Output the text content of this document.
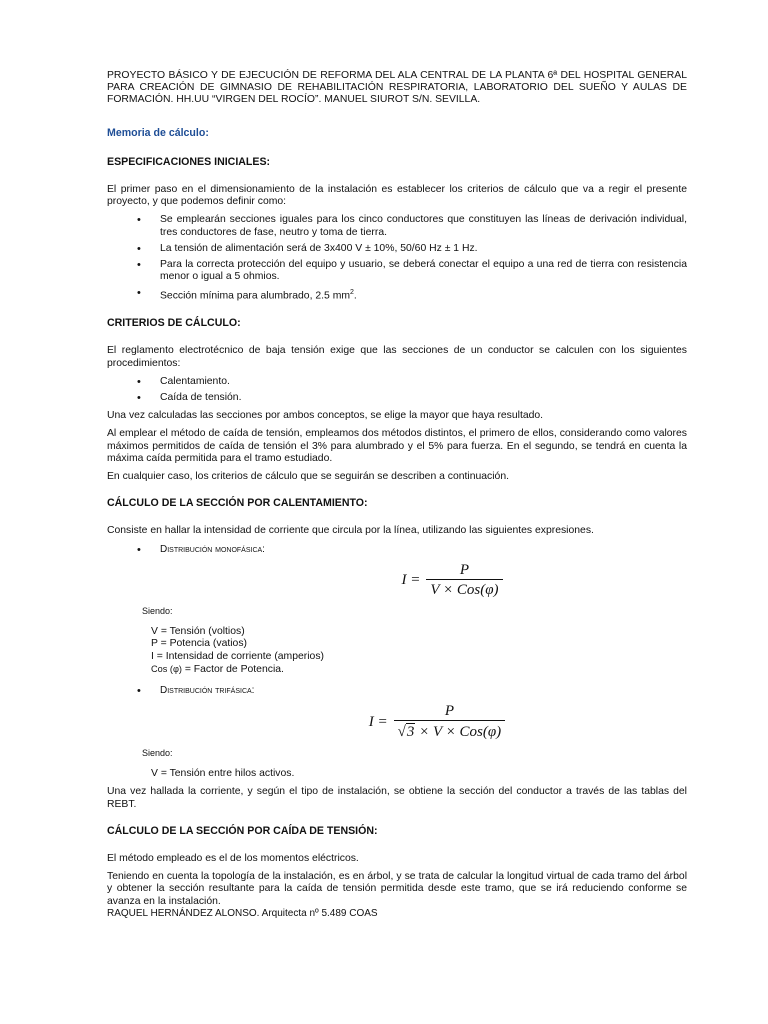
PROYECTO BÁSICO Y DE EJECUCIÓN DE REFORMA DEL ALA CENTRAL DE LA PLANTA 6ª DEL HOSPITAL GENERAL PARA CREACIÓN DE GIMNASIO DE REHABILITACIÓN RESPIRATORIA, LABORATORIO DEL SUEÑO Y AULAS DE FORMACIÓN. HH.UU “VIRGEN DEL ROCÍO”. MANUEL SIUROT S/N. SEVILLA.

Memoria de cálculo:
ESPECIFICACIONES INICIALES:

El primer paso en el dimensionamiento de la instalación es establecer los criterios de cálculo que va a regir el presente proyecto, y que podemos definir como:

• Se emplearán secciones iguales para los cinco conductores que constituyen las líneas de derivación individual, tres conductores de fase, neutro y toma de tierra.
• La tensión de alimentación será de 3x400 V ± 10%, 50/60 Hz ± 1 Hz.
• Para la correcta protección del equipo y usuario, se deberá conectar el equipo a una red de tierra con resistencia menor o igual a 5 ohmios.
• Sección mínima para alumbrado, 2.5 $mm^2$.
CRITERIOS DE CÁLCULO:

El reglamento electrotécnico de baja tensión exige que las secciones de un conductor se calculen con los siguientes procedimientos:

• Calentamiento.
• Caída de tensión.

Una vez calculadas las secciones por ambos conceptos, se elige la mayor que haya resultado.

Al emplear el método de caída de tensión, empleamos dos métodos distintos, el primero de ellos, considerando como valores máximos permitidos de caída de tensión el 3% para alumbrado y el 5% para fuerza. En el segundo, se tendrá en cuenta la máxima caída permitida para el tramo estudiado.

En cualquier caso, los criterios de cálculo que se seguirán se describen a continuación.

CÁLCULO DE LA SECCIÓN POR CALENTAMIENTO:

Consiste en hallar la intensidad de corriente que circula por la línea, utilizando las siguientes expresiones.

• Distribución monofásica:
$I = \frac{P}{\text{V × Cos(φ)}}$
Siendo:
V = Tensión (voltios)
P = Potencia (vatios)
I = Intensidad de corriente (amperios)
Cos (φ) = Factor de Potencia.
• Distribución trifásica:
$I = \frac{P}{\text{√ 3 × V × Cos(φ)}}$
Siendo:
V = Tensión entre hilos activos.

Una vez hallada la corriente, y según el tipo de instalación, se obtiene la sección del conductor a través de las tablas del REBT.

CÁLCULO DE LA SECCIÓN POR CAÍDA DE TENSIÓN:

El método empleado es el de los momentos eléctricos.

Teniendo en cuenta la topología de la instalación, es en árbol, y se trata de calcular la longitud virtual de cada tramo del árbol y obtener la sección resultante para la caída de tensión permitida desde este tramo, que se irá reduciendo conforme se avanza en la instalación.

RAQUEL HERNÁNDEZ ALONSO. Arquitecta nº 5.489 COAS
